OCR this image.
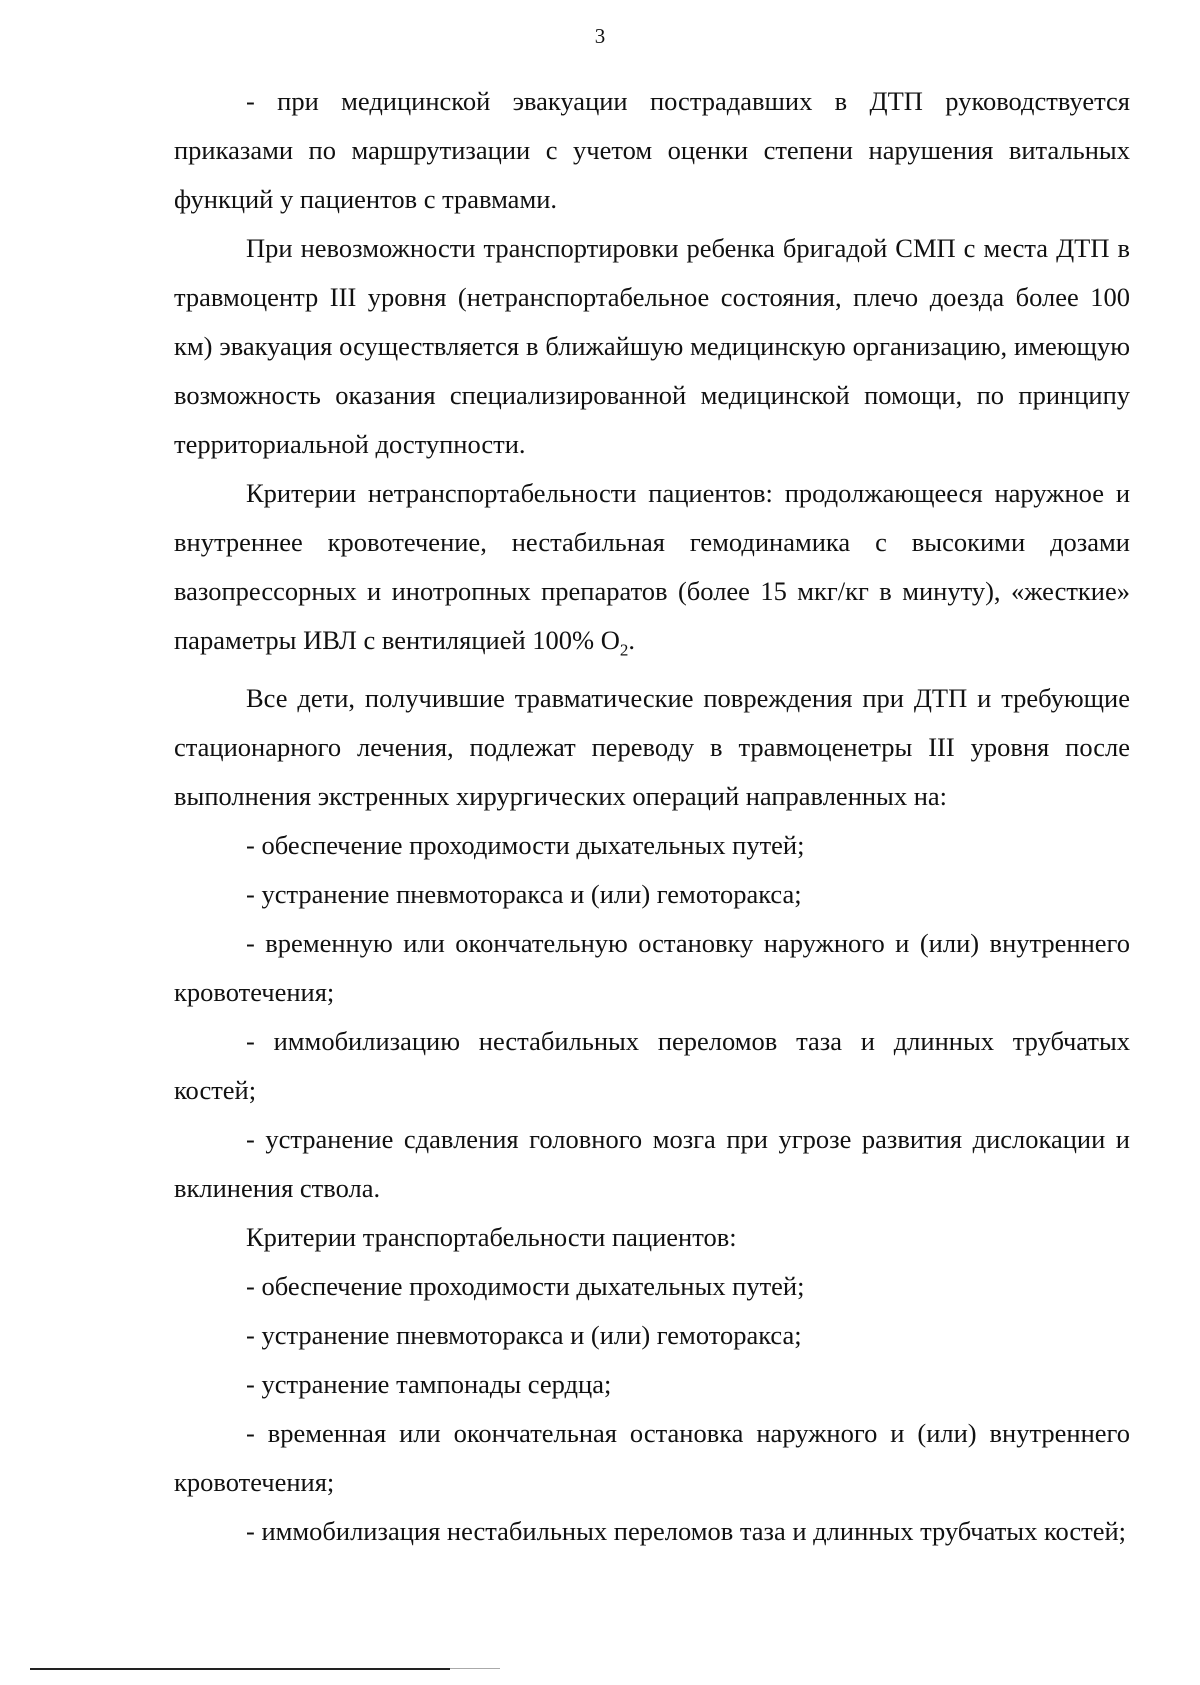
3

- при медицинской эвакуации пострадавших в ДТП руководствуется приказами по маршрутизации с учетом оценки степени нарушения витальных функций у пациентов с травмами.

При невозможности транспортировки ребенка бригадой СМП с места ДТП в травмоцентр III уровня (нетранспортабельное состояния, плечо доезда более 100 км) эвакуация осуществляется в ближайшую медицинскую организацию, имеющую возможность оказания специализированной медицинской помощи, по принципу территориальной доступности.

Критерии нетранспортабельности пациентов: продолжающееся наружное и внутреннее кровотечение, нестабильная гемодинамика с высокими дозами вазопрессорных и инотропных препаратов (более 15 мкг/кг в минуту), «жесткие» параметры ИВЛ с вентиляцией 100% $O_2$.

Все дети, получившие травматические повреждения при ДТП и требующие стационарного лечения, подлежат переводу в травмоценетры III уровня после выполнения экстренных хирургических операций направленных на:

- обеспечение проходимости дыхательных путей;

- устранение пневмоторакса и (или) гемоторакса;

- временную или окончательную остановку наружного и (или) внутреннего кровотечения;

- иммобилизацию нестабильных переломов таза и длинных трубчатых костей;

- устранение сдавления головного мозга при угрозе развития дислокации и вклинения ствола.

Критерии транспортабельности пациентов:

- обеспечение проходимости дыхательных путей;

- устранение пневмоторакса и (или) гемоторакса;

- устранение тампонады сердца;

- временная или окончательная остановка наружного и (или) внутреннего кровотечения;

- иммобилизация нестабильных переломов таза и длинных трубчатых костей;
